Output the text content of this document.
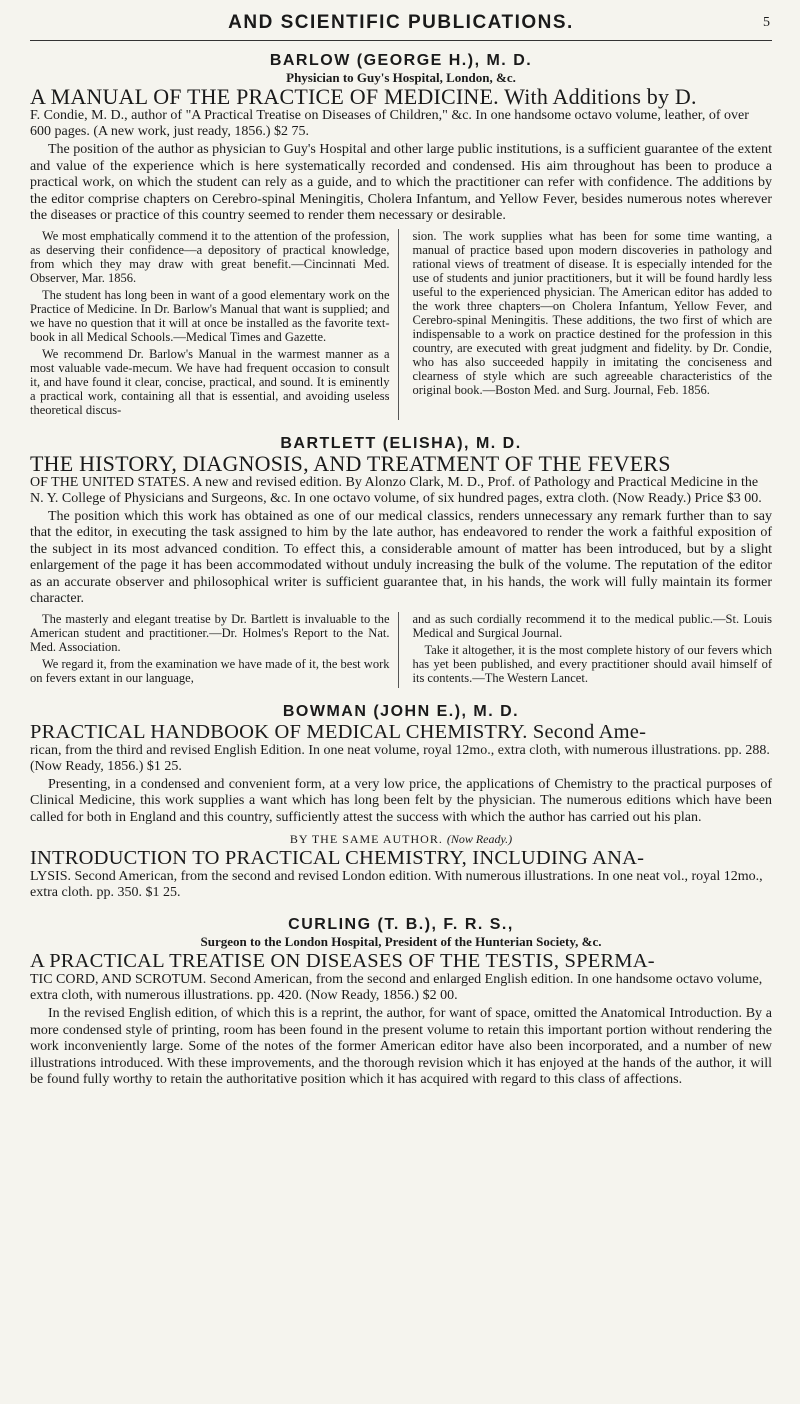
AND SCIENTIFIC PUBLICATIONS.	5
BARLOW (GEORGE H.), M. D.
Physician to Guy's Hospital, London, &c.
A MANUAL OF THE PRACTICE OF MEDICINE. With Additions by D.
F. Condie, M. D., author of "A Practical Treatise on Diseases of Children," &c. In one handsome octavo volume, leather, of over 600 pages. (A new work, just ready, 1856.) $2 75.

The position of the author as physician to Guy's Hospital and other large public institutions, is a sufficient guarantee of the extent and value of the experience which is here systematically recorded and condensed. His aim throughout has been to produce a practical work, on which the student can rely as a guide, and to which the practitioner can refer with confidence. The additions by the editor comprise chapters on Cerebro-spinal Meningitis, Cholera Infantum, and Yellow Fever, besides numerous notes wherever the diseases or practice of this country seemed to render them necessary or desirable.

We most emphatically commend it to the attention of the profession, as deserving their confidence—a depository of practical knowledge, from which they may draw with great benefit.—Cincinnati Med. Observer, Mar. 1856.

The student has long been in want of a good elementary work on the Practice of Medicine. In Dr. Barlow's Manual that want is supplied; and we have no question that it will at once be installed as the favorite text-book in all Medical Schools.—Medical Times and Gazette.

We recommend Dr. Barlow's Manual in the warmest manner as a most valuable vade-mecum. We have had frequent occasion to consult it, and have found it clear, concise, practical, and sound. It is eminently a practical work, containing all that is essential, and avoiding useless theoretical discus-

sion. The work supplies what has been for some time wanting, a manual of practice based upon modern discoveries in pathology and rational views of treatment of disease. It is especially intended for the use of students and junior practitioners, but it will be found hardly less useful to the experienced physician. The American editor has added to the work three chapters—on Cholera Infantum, Yellow Fever, and Cerebro-spinal Meningitis. These additions, the two first of which are indispensable to a work on practice destined for the profession in this country, are executed with great judgment and fidelity. by Dr. Condie, who has also succeeded happily in imitating the conciseness and clearness of style which are such agreeable characteristics of the original book.—Boston Med. and Surg. Journal, Feb. 1856.

BARTLETT (ELISHA), M. D.
THE HISTORY, DIAGNOSIS, AND TREATMENT OF THE FEVERS
OF THE UNITED STATES. A new and revised edition. By Alonzo Clark, M. D., Prof. of Pathology and Practical Medicine in the N. Y. College of Physicians and Surgeons, &c. In one octavo volume, of six hundred pages, extra cloth. (Now Ready.) Price $3 00.

The position which this work has obtained as one of our medical classics, renders unnecessary any remark further than to say that the editor, in executing the task assigned to him by the late author, has endeavored to render the work a faithful exposition of the subject in its most advanced condition. To effect this, a considerable amount of matter has been introduced, but by a slight enlargement of the page it has been accommodated without unduly increasing the bulk of the volume. The reputation of the editor as an accurate observer and philosophical writer is sufficient guarantee that, in his hands, the work will fully maintain its former character.

The masterly and elegant treatise by Dr. Bartlett is invaluable to the American student and practitioner.—Dr. Holmes's Report to the Nat. Med. Association.

We regard it, from the examination we have made of it, the best work on fevers extant in our language,

and as such cordially recommend it to the medical public.—St. Louis Medical and Surgical Journal.

Take it altogether, it is the most complete history of our fevers which has yet been published, and every practitioner should avail himself of its contents.—The Western Lancet.

BOWMAN (JOHN E.), M. D.
PRACTICAL HANDBOOK OF MEDICAL CHEMISTRY. Second Ame-
rican, from the third and revised English Edition. In one neat volume, royal 12mo., extra cloth, with numerous illustrations. pp. 288. (Now Ready, 1856.) $1 25.

Presenting, in a condensed and convenient form, at a very low price, the applications of Chemistry to the practical purposes of Clinical Medicine, this work supplies a want which has long been felt by the physician. The numerous editions which have been called for both in England and this country, sufficiently attest the success with which the author has carried out his plan.

BY THE SAME AUTHOR. (Now Ready.)
INTRODUCTION TO PRACTICAL CHEMISTRY, INCLUDING ANA-
LYSIS. Second American, from the second and revised London edition. With numerous illustrations. In one neat vol., royal 12mo., extra cloth. pp. 350. $1 25.
CURLING (T. B.), F. R. S.,
Surgeon to the London Hospital, President of the Hunterian Society, &c.
A PRACTICAL TREATISE ON DISEASES OF THE TESTIS, SPERMA-
TIC CORD, AND SCROTUM. Second American, from the second and enlarged English edition. In one handsome octavo volume, extra cloth, with numerous illustrations. pp. 420. (Now Ready, 1856.) $2 00.

In the revised English edition, of which this is a reprint, the author, for want of space, omitted the Anatomical Introduction. By a more condensed style of printing, room has been found in the present volume to retain this important portion without rendering the work inconveniently large. Some of the notes of the former American editor have also been incorporated, and a number of new illustrations introduced. With these improvements, and the thorough revision which it has enjoyed at the hands of the author, it will be found fully worthy to retain the authoritative position which it has acquired with regard to this class of affections.
